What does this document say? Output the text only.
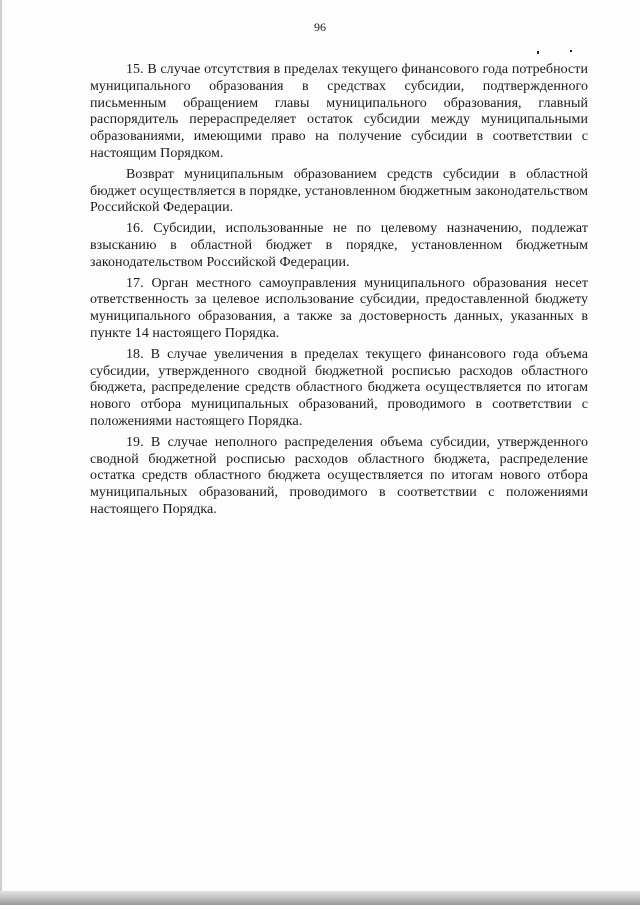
96

15. В случае отсутствия в пределах текущего финансового года потребности муниципального образования в средствах субсидии, подтвержденного письменным обращением главы муниципального образования, главный распорядитель перераспределяет остаток субсидии между муниципальными образованиями, имеющими право на получение субсидии в соответствии с настоящим Порядком.

Возврат муниципальным образованием средств субсидии в областной бюджет осуществляется в порядке, установленном бюджетным законодательством Российской Федерации.

16. Субсидии, использованные не по целевому назначению, подлежат взысканию в областной бюджет в порядке, установленном бюджетным законодательством Российской Федерации.

17. Орган местного самоуправления муниципального образования несет ответственность за целевое использование субсидии, предоставленной бюджету муниципального образования, а также за достоверность данных, указанных в пункте 14 настоящего Порядка.

18. В случае увеличения в пределах текущего финансового года объема субсидии, утвержденного сводной бюджетной росписью расходов областного бюджета, распределение средств областного бюджета осуществляется по итогам нового отбора муниципальных образований, проводимого в соответствии с положениями настоящего Порядка.

19. В случае неполного распределения объема субсидии, утвержденного сводной бюджетной росписью расходов областного бюджета, распределение остатка средств областного бюджета осуществляется по итогам нового отбора муниципальных образований, проводимого в соответствии с положениями настоящего Порядка.
